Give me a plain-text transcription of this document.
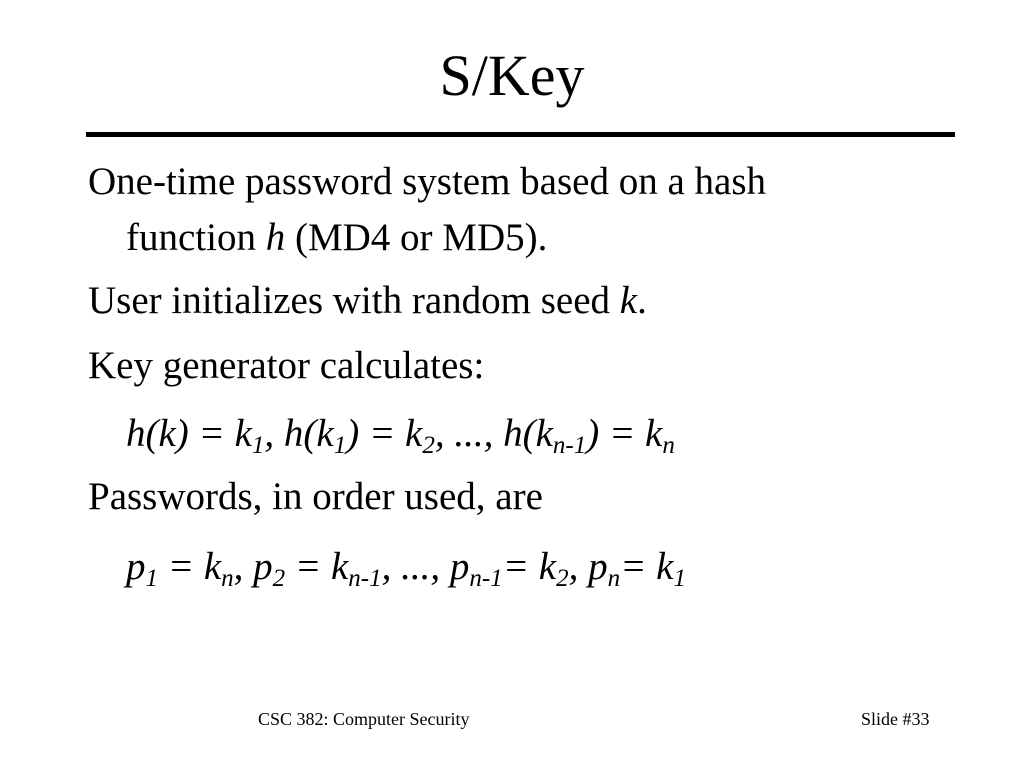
S/Key
One-time password system based on a hash
function h (MD4 or MD5).
User initializes with random seed k.
Key generator calculates:
$h(k) = k_1$, $h(k_1) = k_2$, ..., $h(k_{n-1}) = k_n$
Passwords, in order used, are
$p_1 = k_n$, $p_2 = k_{n-1}$, ..., $p_{n-1}= k_2$, $p_n= k_1$
CSC 382: Computer Security	Slide #33
